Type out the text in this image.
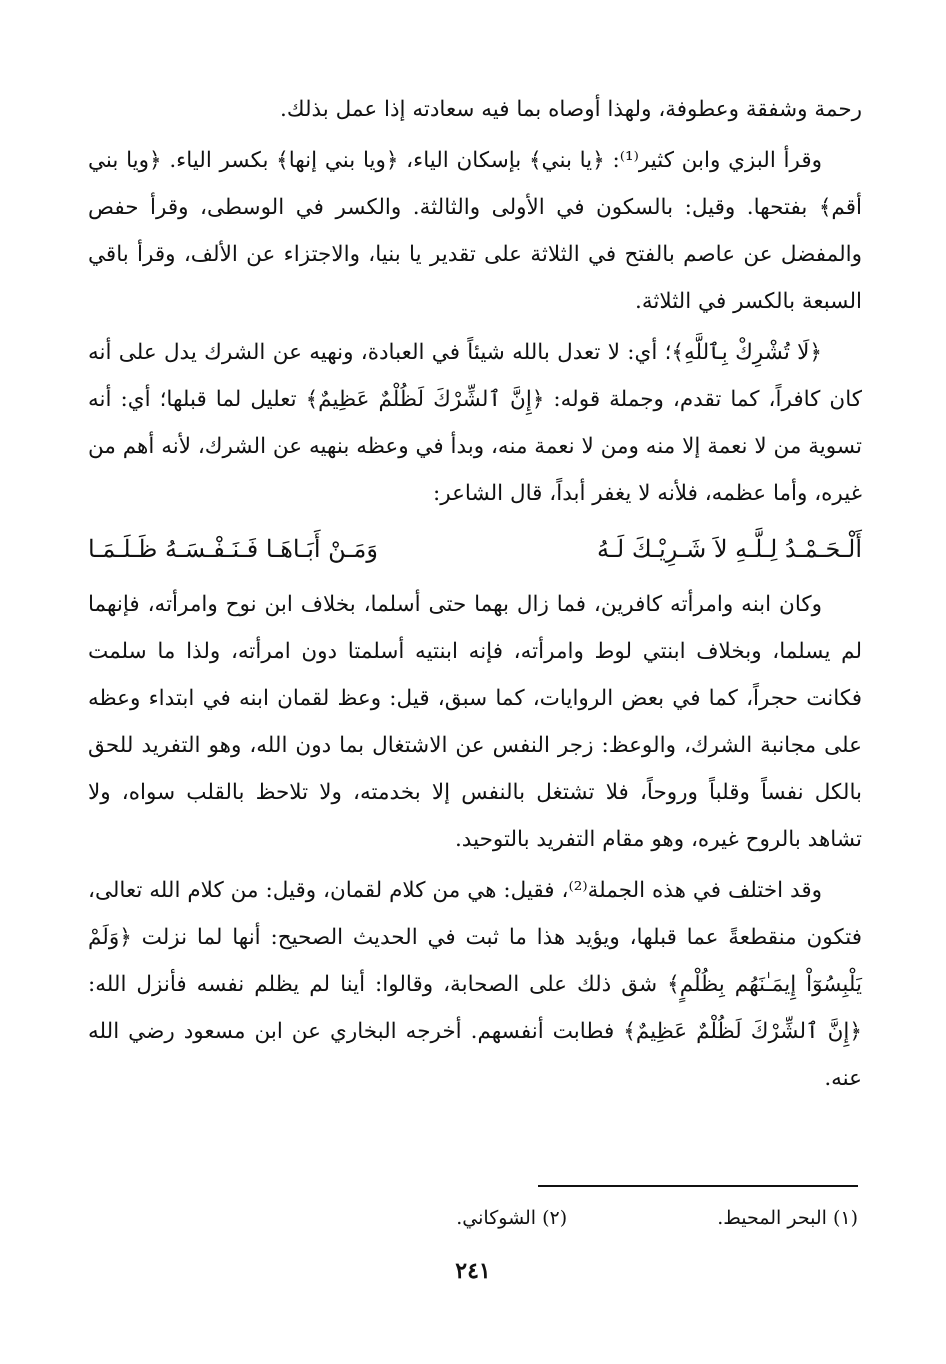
رحمة وشفقة وعطوفة، ولهذا أوصاه بما فيه سعادته إذا عمل بذلك.

وقرأ البزي وابن كثير⁽¹⁾: ﴿يا بني﴾ بإسكان الياء، ﴿ويا بني إنها﴾ بكسر الياء. ﴿ويا بني أقم﴾ بفتحها. وقيل: بالسكون في الأولى والثالثة. والكسر في الوسطى، وقرأ حفص والمفضل عن عاصم بالفتح في الثلاثة على تقدير يا بنيا، والاجتزاء عن الألف، وقرأ باقي السبعة بالكسر في الثلاثة.

﴿لَا تُشْرِكْ بِٱللَّهِ﴾؛ أي: لا تعدل بالله شيئاً في العبادة، ونهيه عن الشرك يدل على أنه كان كافراً، كما تقدم، وجملة قوله: ﴿إِنَّ ٱلشِّرْكَ لَظُلْمٌ عَظِيمٌ﴾ تعليل لما قبلها؛ أي: أنه تسوية من لا نعمة إلا منه ومن لا نعمة منه، وبدأ في وعظه بنهيه عن الشرك، لأنه أهم من غيره، وأما عظمه، فلأنه لا يغفر أبداً، قال الشاعر:

أَلْـحَـمْـدُ لِـلَّـهِ لاَ شَـرِيْـكَ لَـهُ
وَمَـنْ أَبَـاهَـا فَـنَـفْـسَـهُ ظَـلَـمَـا

وكان ابنه وامرأته كافرين، فما زال بهما حتى أسلما، بخلاف ابن نوح وامرأته، فإنهما لم يسلما، وبخلاف ابنتي لوط وامرأته، فإنه ابنتيه أسلمتا دون امرأته، ولذا ما سلمت فكانت حجراً، كما في بعض الروايات، كما سبق، قيل: وعظ لقمان ابنه في ابتداء وعظه على مجانبة الشرك، والوعظ: زجر النفس عن الاشتغال بما دون الله، وهو التفريد للحق بالكل نفساً وقلباً وروحاً، فلا تشتغل بالنفس إلا بخدمته، ولا تلاحظ بالقلب سواه، ولا تشاهد بالروح غيره، وهو مقام التفريد بالتوحيد.

وقد اختلف في هذه الجملة⁽²⁾، فقيل: هي من كلام لقمان، وقيل: من كلام الله تعالى، فتكون منقطعةً عما قبلها، ويؤيد هذا ما ثبت في الحديث الصحيح: أنها لما نزلت ﴿وَلَمْ يَلْبِسُوٓاْ إِيمَـٰنَهُم بِظُلْمٍ﴾ شق ذلك على الصحابة، وقالوا: أينا لم يظلم نفسه فأنزل الله: ﴿إِنَّ ٱلشِّرْكَ لَظُلْمٌ عَظِيمٌ﴾ فطابت أنفسهم. أخرجه البخاري عن ابن مسعود رضي الله عنه.

(١) البحر المحيط.
(٢) الشوكاني.
٢٤١
